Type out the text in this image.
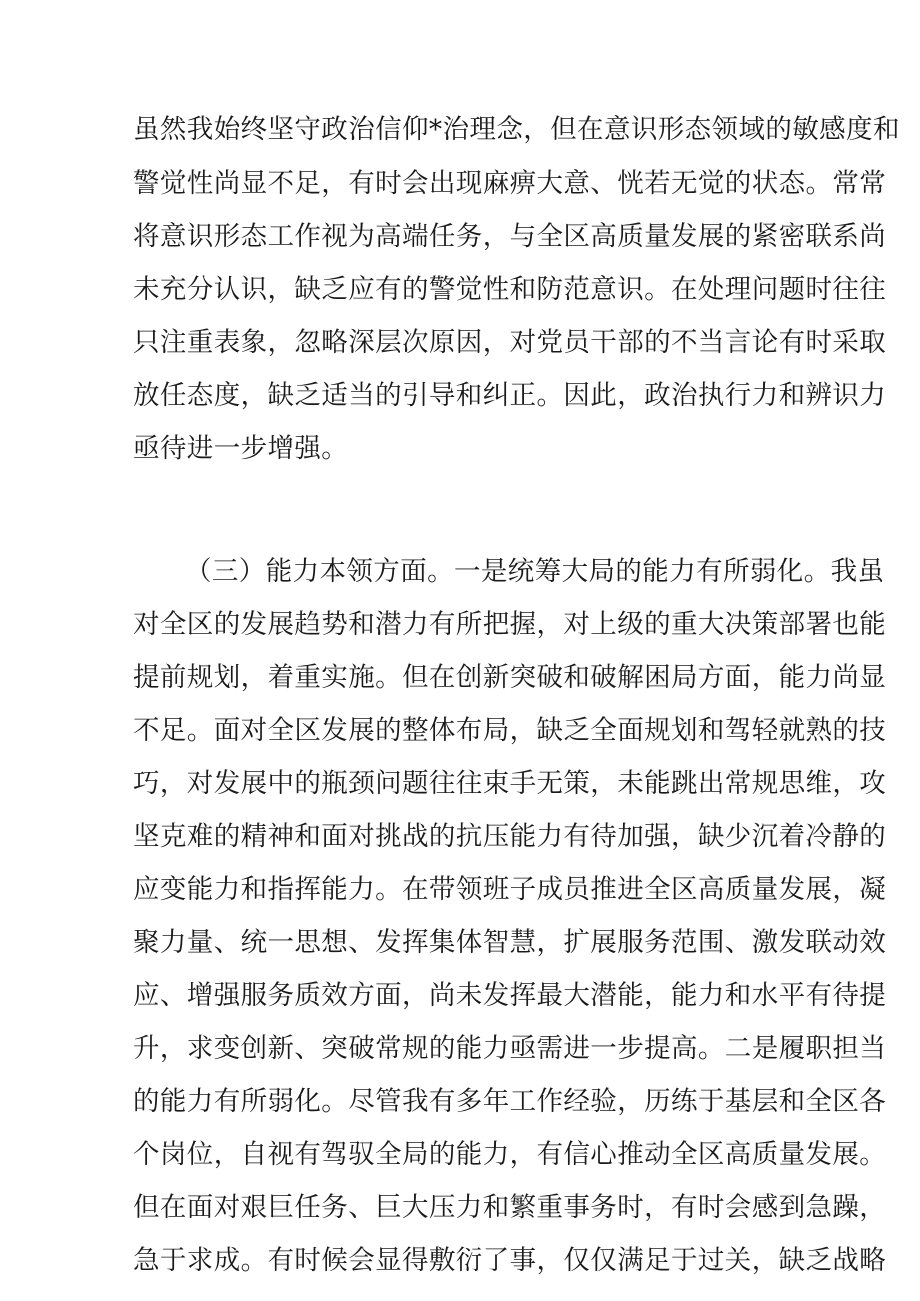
虽然我始终坚守政治信仰*治理念，但在意识形态领域的敏感度和
警觉性尚显不足，有时会出现麻痹大意、恍若无觉的状态。常常
将意识形态工作视为高端任务，与全区高质量发展的紧密联系尚
未充分认识，缺乏应有的警觉性和防范意识。在处理问题时往往
只注重表象，忽略深层次原因，对党员干部的不当言论有时采取
放任态度，缺乏适当的引导和纠正。因此，政治执行力和辨识力
亟待进一步增强。
（三）能力本领方面。一是统筹大局的能力有所弱化。我虽
对全区的发展趋势和潜力有所把握，对上级的重大决策部署也能
提前规划，着重实施。但在创新突破和破解困局方面，能力尚显
不足。面对全区发展的整体布局，缺乏全面规划和驾轻就熟的技
巧，对发展中的瓶颈问题往往束手无策，未能跳出常规思维，攻
坚克难的精神和面对挑战的抗压能力有待加强，缺少沉着冷静的
应变能力和指挥能力。在带领班子成员推进全区高质量发展，凝
聚力量、统一思想、发挥集体智慧，扩展服务范围、激发联动效
应、增强服务质效方面，尚未发挥最大潜能，能力和水平有待提
升，求变创新、突破常规的能力亟需进一步提高。二是履职担当
的能力有所弱化。尽管我有多年工作经验，历练于基层和全区各
个岗位，自视有驾驭全局的能力，有信心推动全区高质量发展。
但在面对艰巨任务、巨大压力和繁重事务时，有时会感到急躁，
急于求成。有时候会显得敷衍了事，仅仅满足于过关，缺乏战略
